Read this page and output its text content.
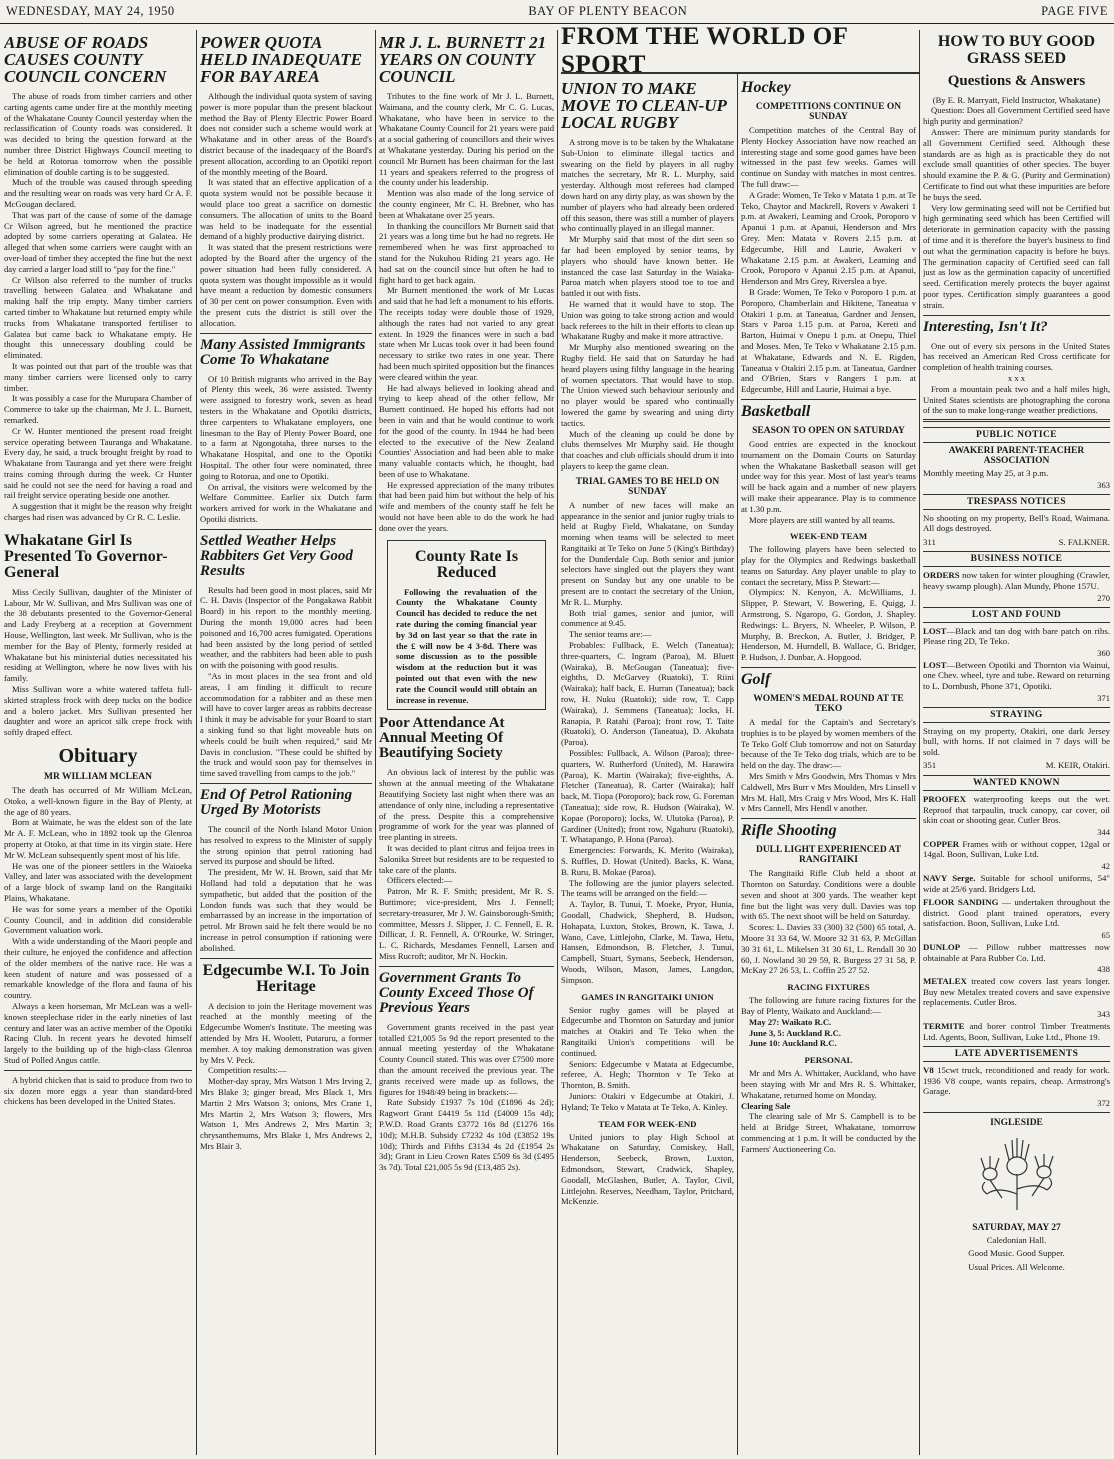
WEDNESDAY, MAY 24, 1950	BAY OF PLENTY BEACON	PAGE FIVE
ABUSE OF ROADS CAUSES COUNTY COUNCIL CONCERN

The abuse of roads from timber carriers and other carting agents came under fire at the monthly meeting of the Whakatane County Council yesterday when the reclassification of County roads was considered. It was decided to bring the question forward at the number three District Highways Council meeting to be held at Rotorua tomorrow when the possible elimination of double carting is to be suggested.

Much of the trouble was caused through speeding and the resulting wear on roads was very hard Cr A. F. McGougan declared.

That was part of the cause of some of the damage Cr Wilson agreed, but he mentioned the practice adopted by some carriers operating at Galatea. He alleged that when some carriers were caught with an over-load of timber they accepted the fine but the next day carried a larger load still to "pay for the fine."

Cr Wilson also referred to the number of trucks travelling between Galatea and Whakatane and making half the trip empty. Many timber carriers carted timber to Whakatane but returned empty while trucks from Whakatane transported fertiliser to Galatea but came back to Whakatane empty. He thought this unnecessary doubling could be eliminated.

It was pointed out that part of the trouble was that many timber carriers were licensed only to carry timber.

It was possibly a case for the Murupara Chamber of Commerce to take up the chairman, Mr J. L. Burnett, remarked.

Cr W. Hunter mentioned the present road freight service operating between Tauranga and Whakatane. Every day, he said, a truck brought freight by road to Whakatane from Tauranga and yet there were freight trains coming through during the week. Cr Hunter said he could not see the need for having a road and rail freight service operating beside one another.

A suggestion that it might be the reason why freight charges had risen was advanced by Cr R. C. Leslie.

Whakatane Girl Is Presented To Governor-General

Miss Cecily Sullivan, daughter of the Minister of Labour, Mr W. Sullivan, and Mrs Sullivan was one of the 38 debutants presented to the Governor-General and Lady Freyberg at a reception at Government House, Wellington, last week. Mr Sullivan, who is the member for the Bay of Plenty, formerly resided at Whakatane but his ministerial duties necessitated his residing at Wellington, where he now lives with his family.

Miss Sullivan wore a white watered taffeta full-skirted strapless frock with deep tucks on the bodice and a bolero jacket. Mrs Sullivan presented her daughter and wore an apricot silk crepe frock with softly draped effect.

Obituary
MR WILLIAM MCLEAN

The death has occurred of Mr William McLean, Otoko, a well-known figure in the Bay of Plenty, at the age of 80 years.

Born at Waimate, he was the eldest son of the late Mr A. F. McLean, who in 1892 took up the Glenroa property at Otoko, at that time in its virgin state. Here Mr W. McLean subsequently spent most of his life.

He was one of the pioneer settlers in the Waioeka Valley, and later was associated with the development of a large block of swamp land on the Rangitaiki Plains, Whakatane.

He was for some years a member of the Opotiki County Council, and in addition did considerable Government valuation work.

With a wide understanding of the Maori people and their culture, he enjoyed the confidence and affection of the older members of the native race. He was a keen student of nature and was possessed of a remarkable knowledge of the flora and fauna of his country.

Always a keen horseman, Mr McLean was a well-known steeplechase rider in the early nineties of last century and later was an active member of the Opotiki Racing Club. In recent years he devoted himself largely to the building up of the high-class Glenroa Stud of Polled Angus cattle.

A hybrid chicken that is said to produce from two to six dozen more eggs a year than standard-bred chickens has been developed in the United States.

POWER QUOTA HELD INADEQUATE FOR BAY AREA

Although the individual quota system of saving power is more popular than the present blackout method the Bay of Plenty Electric Power Board does not consider such a scheme would work at Whakatane and in other areas of the Board's district because of the inadequacy of the Board's present allocation, according to an Opotiki report of the monthly meeting of the Board.

It was stated that an effective application of a quota system would not be possible because it would place too great a sacrifice on domestic consumers. The allocation of units to the Board was held to be inadequate for the essential demand of a highly productive dairying district.

It was stated that the present restrictions were adopted by the Board after the urgency of the power situation had been fully considered. A quota system was thought impossible as it would have meant a reduction by domestic consumers of 30 per cent on power consumption. Even with the present cuts the district is still over the allocation.

Many Assisted Immigrants Come To Whakatane

Of 10 British migrants who arrived in the Bay of Plenty this week, 36 were assisted. Twenty were assigned to forestry work, seven as head testers in the Whakatane and Opotiki districts, three carpenters to Whakatane employers, one linesman to the Bay of Plenty Power Board, one to a farm at Ngongotaha, three nurses to the Whakatane Hospital, and one to the Opotiki Hospital. The other four were nominated, three going to Rotorua, and one to Opotiki.

On arrival, the visitors were welcomed by the Welfare Committee. Earlier six Dutch farm workers arrived for work in the Whakatane and Opotiki districts.

Settled Weather Helps Rabbiters Get Very Good Results

Results had been good in most places, said Mr C. H. Davis (Inspector of the Pongakawa Rabbit Board) in his report to the monthly meeting. During the month 19,000 acres had been poisoned and 16,700 acres fumigated. Operations had been assisted by the long period of settled weather, and the rabbiters had been able to push on with the poisoning with good results.

"As in most places in the sea front and old areas, I am finding it difficult to recure accommodation for a rabbiter and as these men will have to cover larger areas as rabbits decrease I think it may be advisable for your Board to start a sinking fund so that light moveable huts on wheels could be built when required," said Mr Davis in conclusion. "These could be shifted by the truck and would soon pay for themselves in time saved travelling from camps to the job."

End Of Petrol Rationing Urged By Motorists

The council of the North Island Motor Union has resolved to express to the Minister of supply the strong opinion that petrol rationing had served its purpose and should be lifted.

The president, Mr W. H. Brown, said that Mr Holland had told a deputation that he was sympathetic, but added that the position of the London funds was such that they would be embarrassed by an increase in the importation of petrol. Mr Brown said he felt there would be no increase in petrol consumption if rationing were abolished.

Edgecumbe W.I. To Join Heritage

A decision to join the Heritage movement was reached at the monthly meeting of the Edgecumbe Women's Institute. The meeting was attended by Mrs H. Woolett, Putaruru, a former member. A toy making demonstration was given by Mrs V. Peck.

Competition results:—

Mother-day spray, Mrs Watson 1 Mrs Irving 2, Mrs Blake 3; ginger bread, Mrs Black 1, Mrs Martin 2 Mrs Watson 3; onions, Mrs Crane 1, Mrs Martin 2, Mrs Watson 3; flowers, Mrs Watson 1, Mrs Andrews 2, Mrs Martin 3; chrysanthemums, Mrs Blake 1, Mrs Andrews 2, Mrs Blair 3.

MR J. L. BURNETT 21 YEARS ON COUNTY COUNCIL

Tributes to the fine work of Mr J. L. Burnett, Waimana, and the county clerk, Mr C. G. Lucas, Whakatane, who have been in service to the Whakatane County Council for 21 years were paid at a social gathering of councillors and their wives at Whakatane yesterday. During his period on the council Mr Burnett has been chairman for the last 11 years and speakers referred to the progress of the county under his leadership.

Mention was also made of the long service of the county engineer, Mr C. H. Brebner, who has been at Whakatane over 25 years.

In thanking the councillors Mr Burnett said that 21 years was a long time but he had no regrets. He remembered when he was first approached to stand for the Nukuhou Riding 21 years ago. He had sat on the council since but often he had to fight hard to get back again.

Mr Burnett mentioned the work of Mr Lucas and said that he had left a monument to his efforts. The receipts today were double those of 1929, although the rates had not varied to any great extent. In 1929 the finances were in such a bad state when Mr Lucas took over it had been found necessary to strike two rates in one year. There had been much spirited opposition but the finances were cleared within the year.

He had always believed in looking ahead and trying to keep ahead of the other fellow, Mr Burnett continued. He hoped his efforts had not been in vain and that he would continue to work for the good of the county. In 1944 he had been elected to the executive of the New Zealand Counties' Association and had been able to make many valuable contacts which, he thought, had been of use to Whakatane.

He expressed appreciation of the many tributes that had been paid him but without the help of his wife and members of the county staff he felt he would not have been able to do the work he had done over the years.

County Rate Is Reduced

Following the revaluation of the County the Whakatane County Council has decided to reduce the net rate during the coming financial year by 3d on last year so that the rate in the £ will now be 4 3-8d. There was some discussion as to the possible wisdom at the reduction but it was pointed out that even with the new rate the Council would still obtain an increase in revenue.

Poor Attendance At Annual Meeting Of Beautifying Society

An obvious lack of interest by the public was shown at the annual meeting of the Whakatane Beautifying Society last night when there was an attendance of only nine, including a representative of the press. Despite this a comprehensive programme of work for the year was planned of tree planting in streets.

It was decided to plant citrus and feijoa trees in Salonika Street but residents are to be requested to take care of the plants.

Officers elected:—

Patron, Mr R. F. Smith; president, Mr R. S. Buttimore; vice-president, Mrs J. Fennell; secretary-treasurer, Mr J. W. Gainsborough-Smith; committee, Messrs J. Slipper, J. C. Fennell, E. R. Dillicar, J. R. Fennell, A. O'Rourke, W. Stringer, L. C. Richards, Mesdames Fennell, Larsen and Miss Rucroft; auditor, Mr N. Hockin.

Government Grants To County Exceed Those Of Previous Years

Government grants received in the past year totalled £21,005 5s 9d the report presented to the annual meeting yesterday of the Whakatane County Council stated. This was over £7500 more than the amount received the previous year. The grants received were made up as follows, the figures for 1948/49 being in brackets:—

Rate Subsidy £1937 7s 10d (£1896 4s 2d); Ragwort Grant £4419 5s 11d (£4009 15s 4d); P.W.D. Road Grants £3772 16s 8d (£1276 16s 10d); M.H.B. Subsidy £7232 4s 10d (£3852 19s 10d); Thirds and Fifths £3134 4s 2d (£1954 2s 3d); Grant in Lieu Crown Rates £509 6s 3d (£495 3s 7d). Total £21,005 5s 9d (£13,485 2s).

FROM THE WORLD OF SPORT
UNION TO MAKE MOVE TO CLEAN-UP LOCAL RUGBY

A strong move is to be taken by the Whakatane Sub-Union to eliminate illegal tactics and swearing on the field by players in all rugby matches the secretary, Mr R. L. Murphy, said yesterday. Although most referees had clamped down hard on any dirty play, as was shown by the number of players who had already been ordered off this season, there was still a number of players who continually played in an illegal manner.

Mr Murphy said that most of the dirt seen so far had been employed by senior teams, by players who should have known better. He instanced the case last Saturday in the Waiaka-Paroa match when players stood toe to toe and battled it out with fists.

He warned that it would have to stop. The Union was going to take strong action and would back referees to the hilt in their efforts to clean up Whakatane Rugby and make it more attractive.

Mr Murphy also mentioned swearing on the Rugby field. He said that on Saturday he had heard players using filthy language in the hearing of women spectators. That would have to stop. The Union viewed such behaviour seriously and no player would be spared who continually lowered the game by swearing and using dirty tactics.

Much of the cleaning up could be done by clubs themselves Mr Murphy said. He thought that coaches and club officials should drum it into players to keep the game clean.

TRIAL GAMES TO BE HELD ON SUNDAY

A number of new faces will make an appearance in the senior and junior rugby trials to held at Rugby Field, Whakatane, on Sunday morning when teams will be selected to meet Rangitaiki at Te Teko on June 5 (King's Birthday) for the Dunderdale Cup. Both senior and junior selectors have singled out the players they want present on Sunday but any one unable to be present are to contact the secretary of the Union, Mr R. L. Murphy.

Both trial games, senior and junior, will commence at 9.45.

The senior teams are:—

Probables: Fullback, E. Welch (Taneatua); three-quarters, C. Ingram (Paroa), M. Bluett (Wairaka), B. McGougan (Taneatua); five-eighths, D. McGarvey (Ruatoki), T. Riini (Wairaka); half back, E. Hurran (Taneatua); back row, H. Nuku (Ruatoki); side row, T. Capp (Wairaka), J. Semmens (Taneatua); locks, H. Ranapia, P. Ratahi (Paroa); front row, T. Taite (Ruatoki), O. Anderson (Taneatua), D. Akuhata (Paroa).

Possibles: Fullback, A. Wilson (Paroa); three-quarters, W. Rutherford (United), M. Harawira (Paroa), K. Martin (Wairaka); five-eighths, A. Fletcher (Taneatua), R. Carter (Wairaka); half back, M. Tiopa (Poroporo); back row, G. Foreman (Taneatua); side row, R. Hudson (Wairaka), W. Kopae (Poroporo); locks, W. Ulutoka (Paroa), P. Gardiner (United); front row, Ngahuru (Ruatoki), T. Whatapango, P. Hona (Paroa).

Emergencies: Forwards, K. Merito (Wairaka), S. Ruffles, D. Howat (United). Backs, K. Wana, B. Ruru, B. Mokae (Paroa).

The following are the junior players selected. The teams will be arranged on the field:—

A. Taylor, B. Tunui, T. Moeke, Pryor, Hunia, Goodall, Chadwick, Shepherd, B. Hudson, Hohapata, Luxton, Stokes, Brown, K. Tawa, J. Wano, Cave, Littlejohn, Clarke, M. Tawa, Hetu, Hansen, Edmondson, B. Fletcher, J. Tunui, Campbell, Stuart, Symans, Seebeck, Henderson, Woods, Wilson, Mason, James, Langdon, Simpson.

GAMES IN RANGITAIKI UNION

Senior rugby games will be played at Edgecumbe and Thornton on Saturday and junior matches at Otakiri and Te Teko when the Rangitaiki Union's competitions will be continued.

Seniors: Edgecumbe v Matata at Edgecumbe, referee, A. Hegh; Thornton v Te Teko at Thornton, B. Smith.

Juniors: Otakiri v Edgecumbe at Otakiri, J. Hyland; Te Teko v Matata at Te Teko, A. Kinley.

TEAM FOR WEEK-END

United juniors to play High School at Whakatane on Saturday, Comiskey, Hall, Henderson, Seebeck, Brown, Luxton, Edmondson, Stewart, Cradwick, Shapley, Goodall, McGlashen, Butler, A. Taylor, Civil, Littlejohn. Reserves, Needham, Taylor, Pritchard, McKenzie.

Hockey
COMPETITIONS CONTINUE ON SUNDAY

Competition matches of the Central Bay of Plenty Hockey Association have now reached an interesting stage and some good games have been witnessed in the past few weeks. Games will continue on Sunday with matches in most centres. The full draw:—

A Grade: Women, Te Teko v Matata 1 p.m. at Te Teko, Chaytor and Mackrell, Rovers v Awakeri 1 p.m. at Awakeri, Leaming and Crook, Poroporo v Apanui 1 p.m. at Apanui, Henderson and Mrs Grey. Men: Matata v Rovers 2.15 p.m. at Edgecumbe, Hill and Laurie, Awakeri v Whakatane 2.15 p.m. at Awakeri, Leaming and Crook, Poroporo v Apanui 2.15 p.m. at Apanui, Henderson and Mrs Grey, Riverslea a bye.

B Grade: Women, Te Teko v Poroporo 1 p.m. at Poroporo, Chamberlain and Hikitene, Taneatua v Otakiri 1 p.m. at Taneatua, Gardner and Jensen, Stars v Paroa 1.15 p.m. at Paroa, Kereti and Barton, Huimai v Onepu 1 p.m. at Onepu, Thiel and Moses. Men, Te Teko v Whakatane 2.15 p.m. at Whakatane, Edwards and N. E. Rigden, Taneatua v Otakiri 2.15 p.m. at Taneatua, Gardner and O'Brien, Stars v Rangers 1 p.m. at Edgecumbe, Hill and Laurie, Huimai a bye.

Basketball
SEASON TO OPEN ON SATURDAY

Good entries are expected in the knockout tournament on the Domain Courts on Saturday when the Whakatane Basketball season will get under way for this year. Most of last year's teams will be back again and a number of new players will make their appearance. Play is to commence at 1.30 p.m.

More players are still wanted by all teams.

WEEK-END TEAM

The following players have been selected to play for the Olympics and Redwings basketball teams on Saturday. Any player unable to play to contact the secretary, Miss P. Stewart:—

Olympics: N. Kenyon, A. McWilliams, J. Slipper, P. Stewart, V. Bowering, E. Quigg, J. Armstrong, S. Ngaropo, G. Gordon, J. Shapley. Redwings: L. Bryers, N. Wheeler, P. Wilson, P. Murphy, B. Breckon, A. Butler, J. Bridger, P. Henderson, M. Hurndell, B. Wallace, G. Bridger, P. Hudson, J. Dunbar, A. Hopgood.

Golf
WOMEN'S MEDAL ROUND AT TE TEKO

A medal for the Captain's and Secretary's trophies is to be played by women members of the Te Teko Golf Club tomorrow and not on Saturday because of the Te Teko dog trials, which are to be held on the day. The draw:—

Mrs Smith v Mrs Goodwin, Mrs Thomas v Mrs Caldwell, Mrs Burr v Mrs Moulden, Mrs Linsell v Mrs M. Hall, Mrs Craig v Mrs Wood, Mrs K. Hall v Mrs Cannell, Mrs Hendl v another.

Rifle Shooting
DULL LIGHT EXPERIENCED AT RANGITAIKI

The Rangitaiki Rifle Club held a shoot at Thornton on Saturday. Conditions were a double seven and shoot at 300 yards. The weather kept fine but the light was very dull. Davies was top with 65. The next shoot will be held on Saturday.

Scores: L. Davies 33 (300) 32 (500) 65 total, A. Moore 31 33 64, W. Moore 32 31 63, P. McGillan 30 31 61, L. Mikelsen 31 30 61, L. Rendall 30 30 60, J. Nowland 30 29 59, R. Burgess 27 31 58, P. McKay 27 26 53, L. Coffin 25 27 52.

RACING FIXTURES

The following are future racing fixtures for the Bay of Plenty, Waikato and Auckland:—

May 27: Waikato R.C.

June 3, 5: Auckland R.C.

June 10: Auckland R.C.

PERSONAL

Mr and Mrs A. Whittaker, Auckland, who have been staying with Mr and Mrs R. S. Whittaker, Whakatane, returned home on Monday.

Clearing Sale

The clearing sale of Mr S. Campbell is to be held at Bridge Street, Whakatane, tomorrow commencing at 1 p.m. It will be conducted by the Farmers' Auctioneering Co.

HOW TO BUY GOOD GRASS SEED
Questions & Answers

(By E. R. Marryatt, Field Instructor, Whakatane)

Question: Does all Government Certified seed have high purity and germination?

Answer: There are minimum purity standards for all Government Certified seed. Although these standards are as high as is practicable they do not exclude small quantities of other species. The buyer should examine the P. & G. (Purity and Germination) Certificate to find out what these impurities are before he buys the seed.

Very low germinating seed will not be Certified but high germinating seed which has been Certified will deteriorate in germination capacity with the passing of time and it is therefore the buyer's business to find out what the germination capacity is before he buys. The germination capacity of Certified seed can fall just as low as the germination capacity of uncertified seed. Certification merely protects the buyer against poor types. Certification simply guarantees a good strain.

Interesting, Isn't It?

One out of every six persons in the United States has received an American Red Cross certificate for completion of health training courses.

x x x

From a mountain peak two and a half miles high, United States scientists are photographing the corona of the sun to make long-range weather predictions.

PUBLIC NOTICE
AWAKERI PARENT-TEACHER ASSOCIATION

Monthly meeting May 25, at 3 p.m.

363

TRESPASS NOTICES

No shooting on my property, Bell's Road, Waimana. All dogs destroyed.

311	S. FALKNER.

BUSINESS NOTICE

ORDERS now taken for winter ploughing (Crawler, heavy swamp plough). Alan Mundy, Phone 157U.

270

LOST AND FOUND

LOST—Black and tan dog with bare patch on ribs. Please ring 2D, Te Teko.

360

LOST—Between Opotiki and Thornton via Wainui, one Chev. wheel, tyre and tube. Reward on returning to L. Dornbush, Phone 371, Opotiki.

371

STRAYING

Straying on my property, Otakiri, one dark Jersey bull, with horns. If not claimed in 7 days will be sold.

351	M. KEIR, Otakiri.

WANTED KNOWN

PROOFEX waterproofing keeps out the wet. Reproof that tarpaulin, truck canopy, car cover, oil skin coat or shooting gear. Cutler Bros.

344

COPPER Frames with or without copper, 12gal or 14gal. Boon, Sullivan, Luke Ltd.

42

NAVY Serge. Suitable for school uniforms, 54" wide at 25/6 yard. Bridgers Ltd.

FLOOR SANDING — undertaken throughout the district. Good plant trained operators, every satisfaction. Boon, Sullivan, Luke Ltd.

65

DUNLOP — Pillow rubber mattresses now obtainable at Para Rubber Co. Ltd.

438

METALEX treated cow covers last years longer. Buy new Metalex treated covers and save expensive replacements. Cutler Bros.

343

TERMITE and borer control Timber Treatments Ltd. Agents, Boon, Sullivan, Luke Ltd., Phone 19.

LATE ADVERTISEMENTS

V8 15cwt truck, reconditioned and ready for work. 1936 V8 coupe, wants repairs, cheap. Armstrong's Garage.

372

INGLESIDE
SATURDAY, MAY 27

Caledonian Hall.

Good Music. Good Supper.

Usual Prices. All Welcome.
